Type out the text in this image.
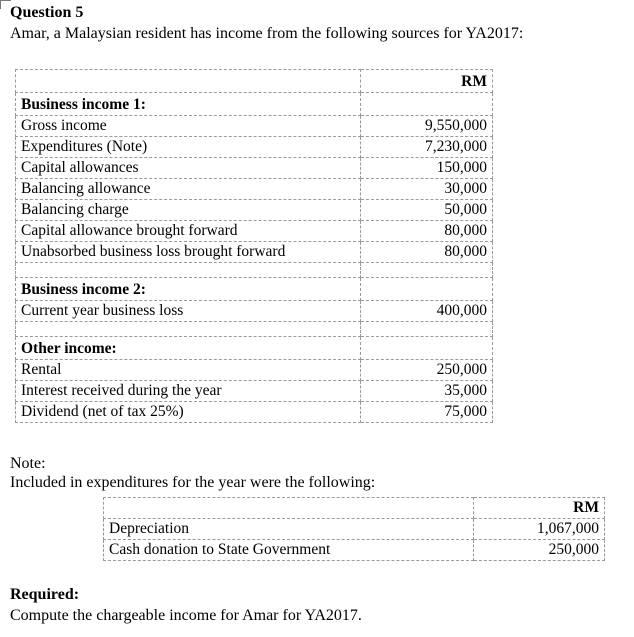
Question 5
Amar, a Malaysian resident has income from the following sources for YA2017:
	RM
Business income 1:	
Gross income	9,550,000
Expenditures (Note)	7,230,000
Capital allowances	150,000
Balancing allowance	30,000
Balancing charge	50,000
Capital allowance brought forward	80,000
Unabsorbed business loss brought forward	80,000

Business income 2:	
Current year business loss	400,000

Other income:	
Rental	250,000
Interest received during the year	35,000
Dividend (net of tax 25%)	75,000
Note:
Included in expenditures for the year were the following:
	RM
Depreciation	1,067,000
Cash donation to State Government	250,000
Required:
Compute the chargeable income for Amar for YA2017.
